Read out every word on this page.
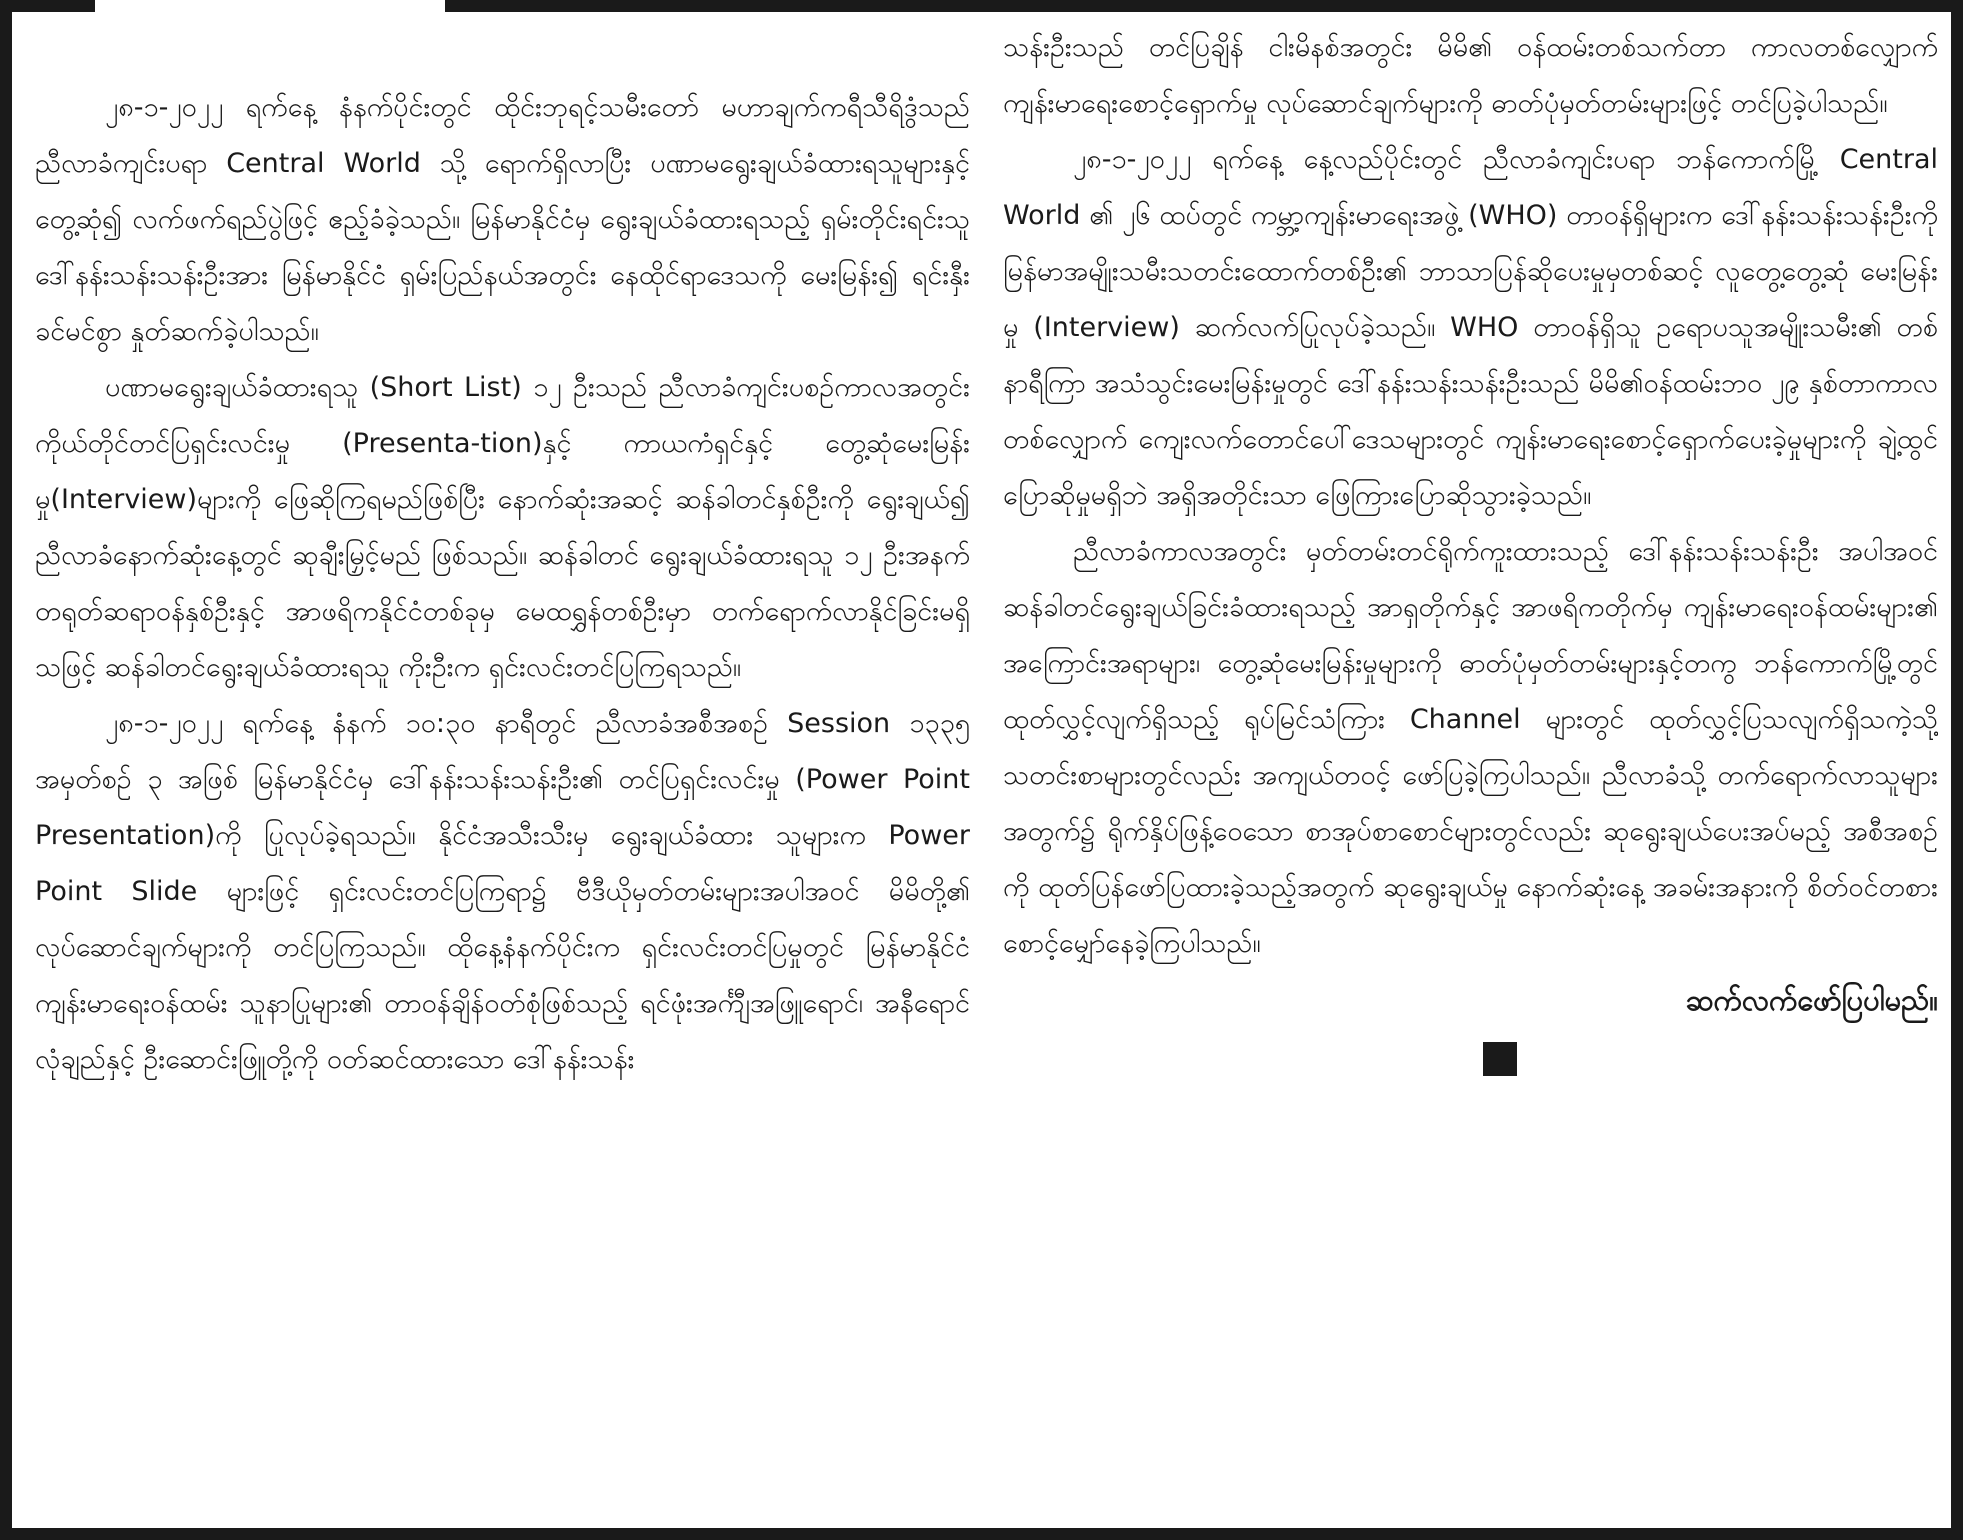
၂၈-၁-၂၀၂၂ ရက်နေ့ နံနက်ပိုင်းတွင် ထိုင်းဘုရင့်သမီးတော် မဟာချက်ကရီသီရိဒွံသည် ညီလာခံကျင်းပရာ Central World သို့ ရောက်ရှိလာပြီး ပဏာမရွေးချယ်ခံထားရသူများနှင့် တွေ့ဆုံ၍ လက်ဖက်ရည်ပွဲဖြင့် ဧည့်ခံခဲ့သည်။ မြန်မာနိုင်ငံမှ ရွေးချယ်ခံထားရသည့် ရှမ်းတိုင်းရင်းသူ ဒေါ်နန်းသန်းသန်းဦးအား မြန်မာနိုင်ငံ ရှမ်းပြည်နယ်အတွင်း နေထိုင်ရာဒေသကို မေးမြန်း၍ ရင်းနှီးခင်မင်စွာ နှုတ်ဆက်ခဲ့ပါသည်။

ပဏာမရွေးချယ်ခံထားရသူ (Short List) ၁၂ ဦးသည် ညီလာခံကျင်းပစဉ်ကာလအတွင်း ကိုယ်တိုင်တင်ပြရှင်းလင်းမှု (Presenta-tion)နှင့် ကာယကံရှင်နှင့် တွေ့ဆုံမေးမြန်းမှု(Interview)များကို ဖြေဆိုကြရမည်ဖြစ်ပြီး နောက်ဆုံးအဆင့် ဆန်ခါတင်နှစ်ဦးကို ရွေးချယ်၍ ညီလာခံနောက်ဆုံးနေ့တွင် ဆုချီးမြှင့်မည် ဖြစ်သည်။ ဆန်ခါတင် ရွေးချယ်ခံထားရသူ ၁၂ ဦးအနက် တရုတ်ဆရာဝန်နှစ်ဦးနှင့် အာဖရိကနိုင်ငံတစ်ခုမှ မေထရွှန်တစ်ဦးမှာ တက်ရောက်လာနိုင်ခြင်းမရှိသဖြင့် ဆန်ခါတင်ရွေးချယ်ခံထားရသူ ကိုးဦးက ရှင်းလင်းတင်ပြကြရသည်။

၂၈-၁-၂၀၂၂ ရက်နေ့ နံနက် ၁၀:၃၀ နာရီတွင် ညီလာခံအစီအစဉ် Session ၁၃၃၅ အမှတ်စဉ် ၃ အဖြစ် မြန်မာနိုင်ငံမှ ဒေါ်နန်းသန်းသန်းဦး၏ တင်ပြရှင်းလင်းမှု (Power Point Presentation)ကို ပြုလုပ်ခဲ့ရသည်။ နိုင်ငံအသီးသီးမှ ရွေးချယ်ခံထား သူများက Power Point Slide များဖြင့် ရှင်းလင်းတင်ပြကြရာ၌ ဗီဒီယိုမှတ်တမ်းများအပါအဝင် မိမိတို့၏ လုပ်ဆောင်ချက်များကို တင်ပြကြသည်။ ထိုနေ့နံနက်ပိုင်းက ရှင်းလင်းတင်ပြမှုတွင် မြန်မာနိုင်ငံကျန်းမာရေးဝန်ထမ်း သူနာပြုများ၏ တာဝန်ချိန်ဝတ်စုံဖြစ်သည့် ရင်ဖုံးအင်္ကျီအဖြူရောင်၊ အနီရောင်လုံချည်နှင့် ဦးဆောင်းဖြူတို့ကို ဝတ်ဆင်ထားသော ဒေါ်နန်းသန်း

သန်းဦးသည် တင်ပြချိန် ငါးမိနစ်အတွင်း မိမိ၏ ဝန်ထမ်းတစ်သက်တာ ကာလတစ်လျှောက် ကျန်းမာရေးစောင့်ရှောက်မှု လုပ်ဆောင်ချက်များကို ဓာတ်ပုံမှတ်တမ်းများဖြင့် တင်ပြခဲ့ပါသည်။

၂၈-၁-၂၀၂၂ ရက်နေ့ နေ့လည်ပိုင်းတွင် ညီလာခံကျင်းပရာ ဘန်ကောက်မြို့ Central World ၏ ၂၆ ထပ်တွင် ကမ္ဘာ့ကျန်းမာရေးအဖွဲ့ (WHO) တာဝန်ရှိများက ဒေါ်နန်းသန်းသန်းဦးကို မြန်မာအမျိုးသမီးသတင်းထောက်တစ်ဦး၏ ဘာသာပြန်ဆိုပေးမှုမှတစ်ဆင့် လူတွေ့တွေ့ဆုံ မေးမြန်းမှု (Interview) ဆက်လက်ပြုလုပ်ခဲ့သည်။ WHO တာဝန်ရှိသူ ဥရောပသူအမျိုးသမီး၏ တစ်နာရီကြာ အသံသွင်းမေးမြန်းမှုတွင် ဒေါ်နန်းသန်းသန်းဦးသည် မိမိ၏ဝန်ထမ်းဘဝ ၂၉ နှစ်တာကာလတစ်လျှောက် ကျေးလက်တောင်ပေါ်ဒေသများတွင် ကျန်းမာရေးစောင့်ရှောက်ပေးခဲ့မှုများကို ချဲ့ထွင်ပြောဆိုမှုမရှိဘဲ အရှိအတိုင်းသာ ဖြေကြားပြောဆိုသွားခဲ့သည်။

ညီလာခံကာလအတွင်း မှတ်တမ်းတင်ရိုက်ကူးထားသည့် ဒေါ်နန်းသန်းသန်းဦး အပါအဝင် ဆန်ခါတင်ရွေးချယ်ခြင်းခံထားရသည့် အာရှတိုက်နှင့် အာဖရိကတိုက်မှ ကျန်းမာရေးဝန်ထမ်းများ၏ အကြောင်းအရာများ၊ တွေ့ဆုံမေးမြန်းမှုများကို ဓာတ်ပုံမှတ်တမ်းများနှင့်တကွ ဘန်ကောက်မြို့တွင် ထုတ်လွှင့်လျက်ရှိသည့် ရုပ်မြင်သံကြား Channel များတွင် ထုတ်လွှင့်ပြသလျက်ရှိသကဲ့သို့ သတင်းစာများတွင်လည်း အကျယ်တဝင့် ဖော်ပြခဲ့ကြပါသည်။ ညီလာခံသို့ တက်ရောက်လာသူများအတွက်၌ ရိုက်နှိပ်ဖြန့်ဝေသော စာအုပ်စာစောင်များတွင်လည်း ဆုရွေးချယ်ပေးအပ်မည့် အစီအစဉ်ကို ထုတ်ပြန်ဖော်ပြထားခဲ့သည့်အတွက် ဆုရွေးချယ်မှု နောက်ဆုံးနေ့ အခမ်းအနားကို စိတ်ဝင်တစား စောင့်မျှော်နေခဲ့ကြပါသည်။

ဆက်လက်ဖော်ပြပါမည်။
